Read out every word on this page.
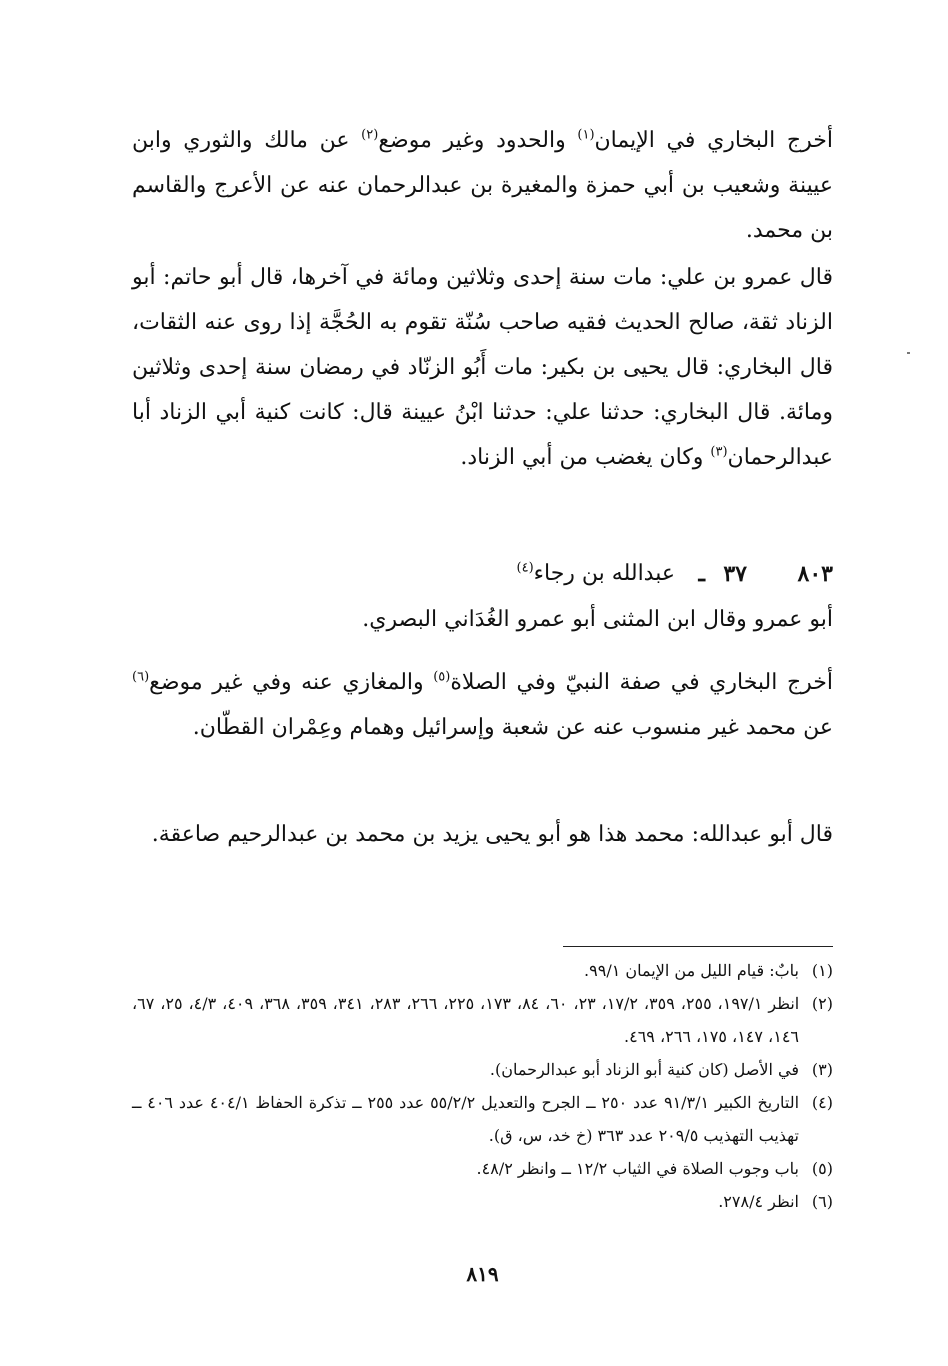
أخرج البخاري في الإيمان$^{(١)}$ والحدود وغير موضع$^{(٢)}$ عن مالك والثوري وابن عيينة وشعيب بن أبي حمزة والمغيرة بن عبدالرحمان عنه عن الأعرج والقاسم بن محمد.

قال عمرو بن علي: مات سنة إحدى وثلاثين ومائة في آخرها، قال أبو حاتم: أبو الزناد ثقة، صالح الحديث فقيه صاحب سُنّة تقوم به الحُجَّة إذا روى عنه الثقات، قال البخاري: قال يحيى بن بكير: مات أَبُو الزنّاد في رمضان سنة إحدى وثلاثين ومائة. قال البخاري: حدثنا علي: حدثنا ابْنُ عيينة قال: كانت كنية أبي الزناد أبا عبدالرحمان$^{(٣)}$ وكان يغضب من أبي الزناد.

٨٠٣
٣٧
ـ
عبدالله بن رجاء$^{(٤)}$

أبو عمرو وقال ابن المثنى أبو عمرو الغُدَاني البصري.

أخرج البخاري في صفة النبيّ وفي الصلاة$^{(٥)}$ والمغازي عنه وفي غير موضع$^{(٦)}$ عن محمد غير منسوب عنه عن شعبة وإسرائيل وهمام وعِمْران القطّان.

قال أبو عبدالله: محمد هذا هو أبو يحيى يزيد بن محمد بن عبدالرحيم صاعقة.

(١)
بابٌ: قيام الليل من الإيمان ٩٩/١.
(٢)
انظر ١٩٧/١، ٢٥٥، ٣٥٩، ١٧/٢، ٢٣، ٦٠، ٨٤، ١٧٣، ٢٢٥، ٢٦٦، ٢٨٣، ٣٤١، ٣٥٩، ٣٦٨، ٤٠٩، ٤/٣، ٢٥، ٦٧، ١٤٦، ١٤٧، ١٧٥، ٢٦٦، ٤٦٩.
(٣)
في الأصل (كان كنية أبو الزناد أبو عبدالرحمان).
(٤)
التاريخ الكبير ٩١/٣/١ عدد ٢٥٠ ــ الجرح والتعديل ٥٥/٢/٢ عدد ٢٥٥ ــ تذكرة الحفاظ ٤٠٤/١ عدد ٤٠٦ ــ تهذيب التهذيب ٢٠٩/٥ عدد ٣٦٣ (خ خد، س، ق).
(٥)
باب وجوب الصلاة في الثياب ١٢/٢ ــ وانظر ٤٨/٢.
(٦)
انظر ٢٧٨/٤.
٨١٩
